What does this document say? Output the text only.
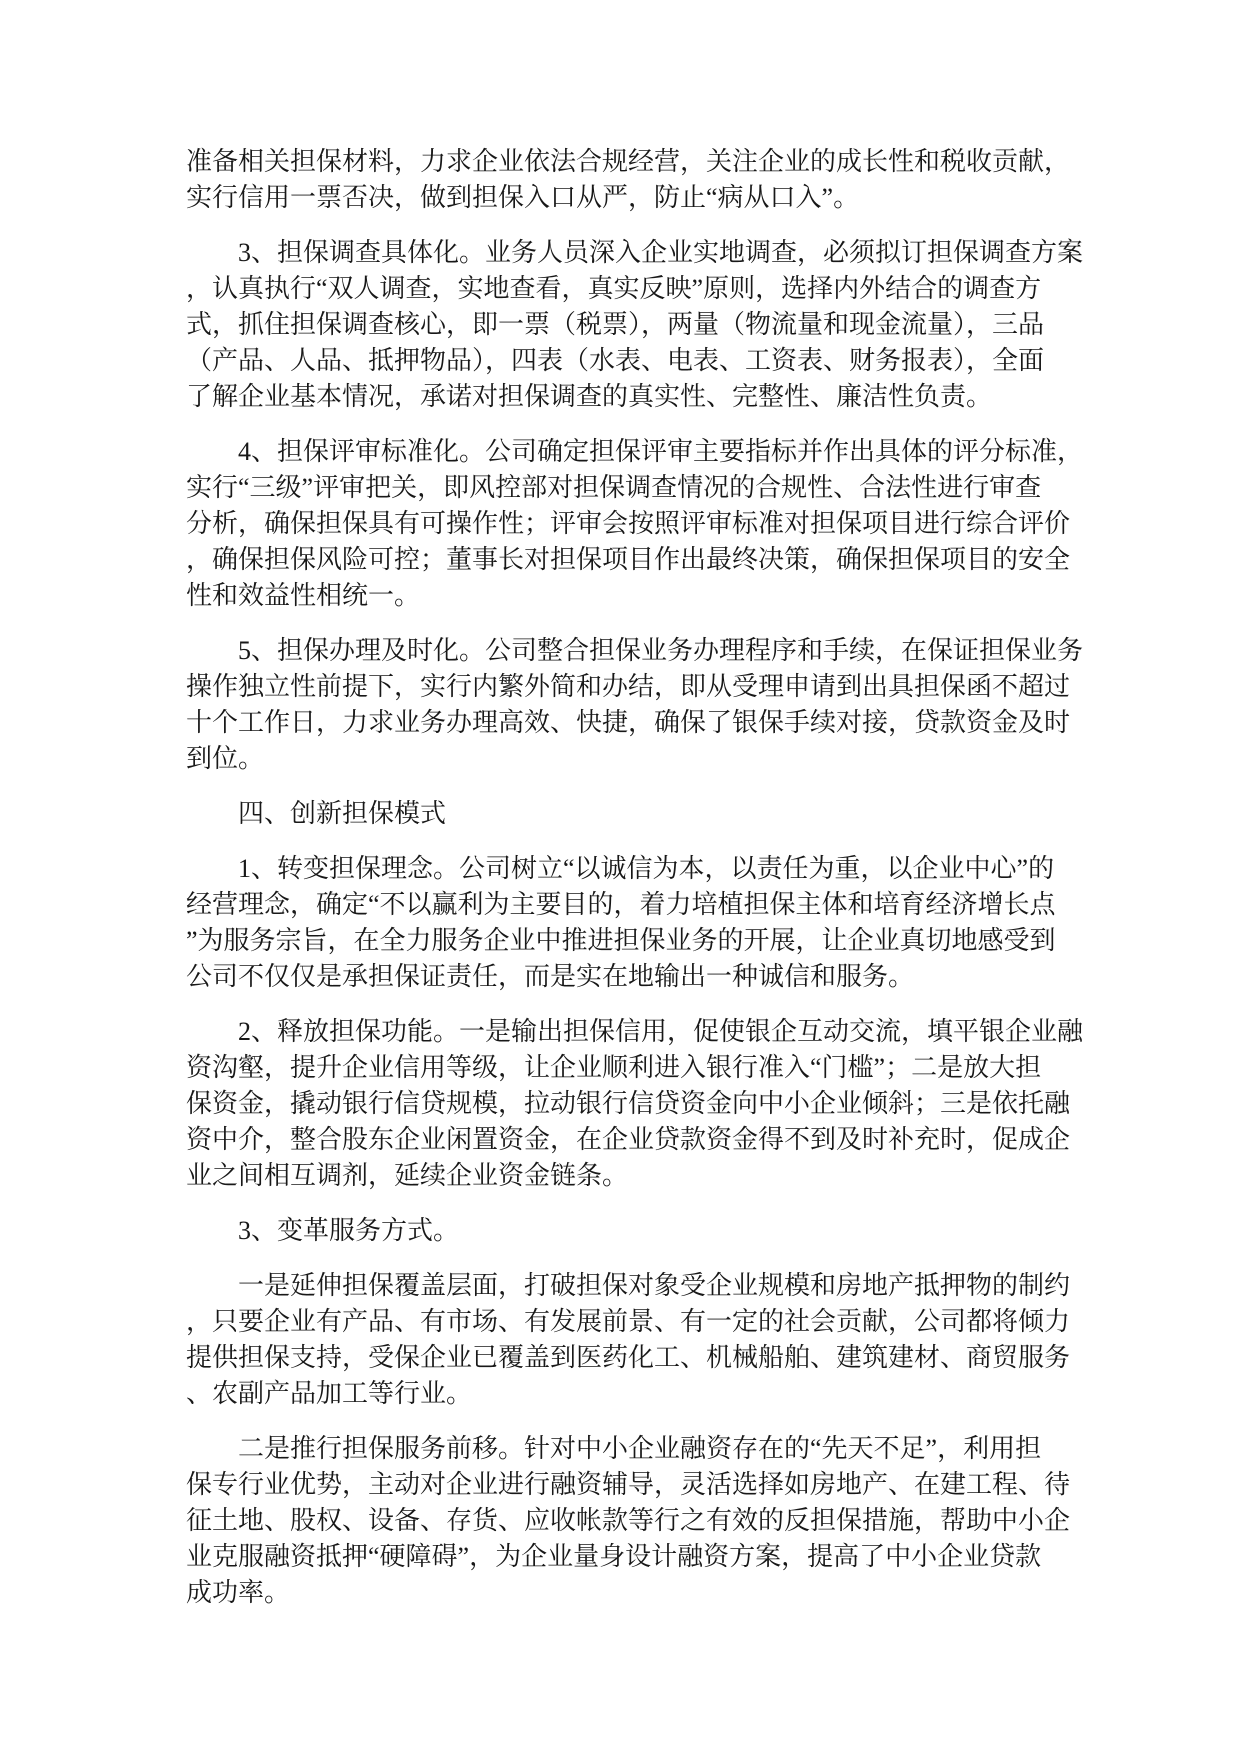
准备相关担保材料，力求企业依法合规经营，关注企业的成长性和税收贡献，
实行信用一票否决，做到担保入口从严，防止“病从口入”。
　　3、担保调查具体化。业务人员深入企业实地调查，必须拟订担保调查方案
，认真执行“双人调查，实地查看，真实反映”原则，选择内外结合的调查方
式，抓住担保调查核心，即一票（税票），两量（物流量和现金流量），三品
（产品、人品、抵押物品），四表（水表、电表、工资表、财务报表），全面
了解企业基本情况，承诺对担保调查的真实性、完整性、廉洁性负责。
　　4、担保评审标准化。公司确定担保评审主要指标并作出具体的评分标准，
实行“三级”评审把关，即风控部对担保调查情况的合规性、合法性进行审查
分析，确保担保具有可操作性；评审会按照评审标准对担保项目进行综合评价
，确保担保风险可控；董事长对担保项目作出最终决策，确保担保项目的安全
性和效益性相统一。
　　5、担保办理及时化。公司整合担保业务办理程序和手续，在保证担保业务
操作独立性前提下，实行内繁外简和办结，即从受理申请到出具担保函不超过
十个工作日，力求业务办理高效、快捷，确保了银保手续对接，贷款资金及时
到位。
　　四、创新担保模式
　　1、转变担保理念。公司树立“以诚信为本，以责任为重，以企业中心”的
经营理念，确定“不以赢利为主要目的，着力培植担保主体和培育经济增长点
”为服务宗旨，在全力服务企业中推进担保业务的开展，让企业真切地感受到
公司不仅仅是承担保证责任，而是实在地输出一种诚信和服务。
　　2、释放担保功能。一是输出担保信用，促使银企互动交流，填平银企业融
资沟壑，提升企业信用等级，让企业顺利进入银行准入“门槛”；二是放大担
保资金，撬动银行信贷规模，拉动银行信贷资金向中小企业倾斜；三是依托融
资中介，整合股东企业闲置资金，在企业贷款资金得不到及时补充时，促成企
业之间相互调剂，延续企业资金链条。
　　3、变革服务方式。
　　一是延伸担保覆盖层面，打破担保对象受企业规模和房地产抵押物的制约
，只要企业有产品、有市场、有发展前景、有一定的社会贡献，公司都将倾力
提供担保支持，受保企业已覆盖到医药化工、机械船舶、建筑建材、商贸服务
、农副产品加工等行业。
　　二是推行担保服务前移。针对中小企业融资存在的“先天不足”，利用担
保专行业优势，主动对企业进行融资辅导，灵活选择如房地产、在建工程、待
征土地、股权、设备、存货、应收帐款等行之有效的反担保措施，帮助中小企
业克服融资抵押“硬障碍”，为企业量身设计融资方案，提高了中小企业贷款
成功率。
